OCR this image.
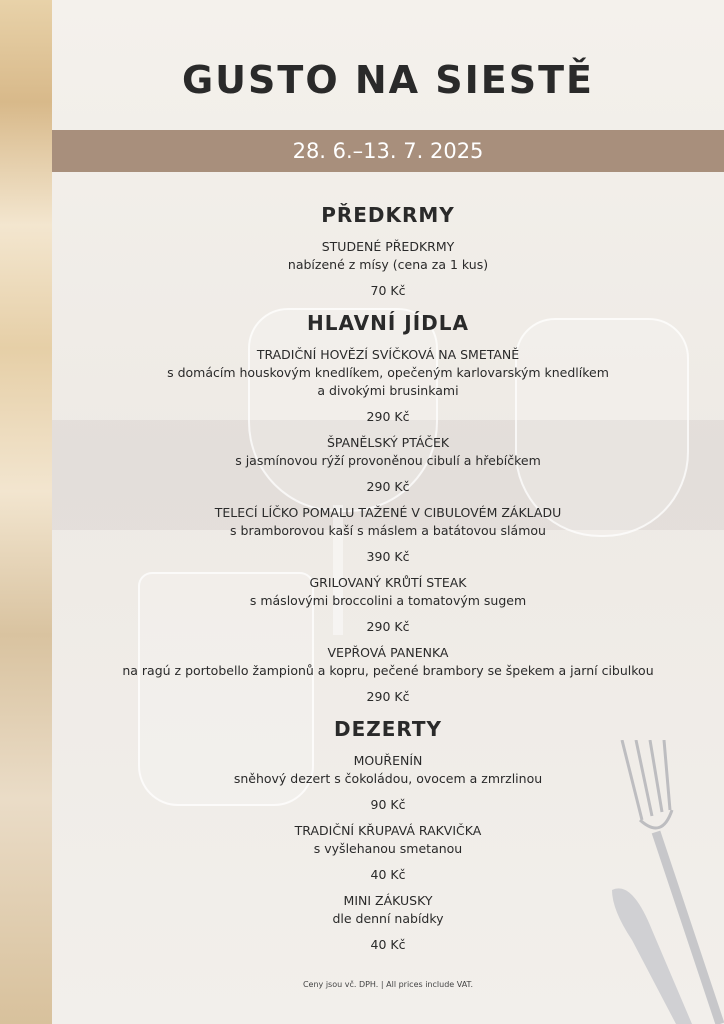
GUSTO NA SIESTĚ
28. 6.–13. 7. 2025
PŘEDKRMY
STUDENÉ PŘEDKRMY
nabízené z mísy (cena za 1 kus)
70 Kč
HLAVNÍ JÍDLA
TRADIČNÍ HOVĚZÍ SVÍČKOVÁ NA SMETANĚ
s domácím houskovým knedlíkem, opečeným karlovarským knedlíkem
a divokými brusinkami
290 Kč
ŠPANĚLSKÝ PTÁČEK
s jasmínovou rýží provoněnou cibulí a hřebíčkem
290 Kč
TELECÍ LÍČKO POMALU TAŽENÉ V CIBULOVÉM ZÁKLADU
s bramborovou kaší s máslem a batátovou slámou
390 Kč
GRILOVANÝ KRŮTÍ STEAK
s máslovými broccolini a tomatovým sugem
290 Kč
VEPŘOVÁ PANENKA
na ragú z portobello žampionů a kopru, pečené brambory se špekem a jarní cibulkou
290 Kč
DEZERTY
MOUŘENÍN
sněhový dezert s čokoládou, ovocem a zmrzlinou
90 Kč
TRADIČNÍ KŘUPAVÁ RAKVIČKA
s vyšlehanou smetanou
40 Kč
MINI ZÁKUSKY
dle denní nabídky
40 Kč
Ceny jsou vč. DPH. | All prices include VAT.
